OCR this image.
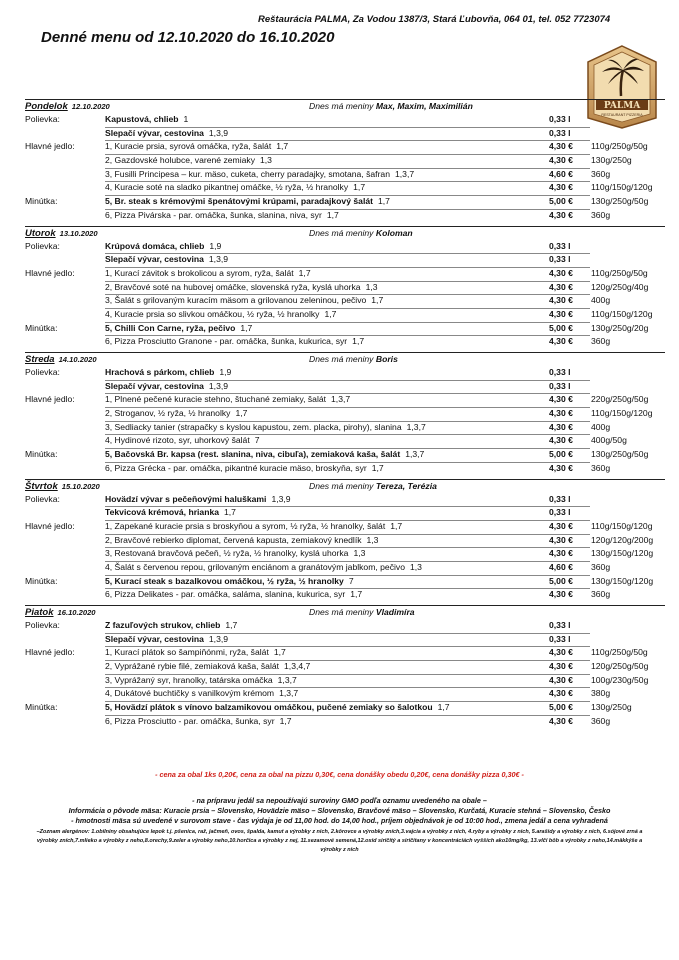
Reštaurácia PALMA, Za Vodou 1387/3, Stará Ľubovňa, 064 01, tel. 052 7723074
Denné menu od 12.10.2020 do 16.10.2020
PALMA
RESTAURANT PIZZERIA
Pondelok 12.10.2020	Dnes má meniny Max, Maxim, Maximilián
Polievka:	Kapustová, chlieb 1	0,33 l
Slepačí vývar, cestovina 1,3,9	0,33 l
Hlavné jedlo:	1, Kuracie prsia, syrová omáčka, ryža, šalát 1,7	4,30 € 110g/250g/50g
2, Gazdovské holubce, varené zemiaky 1,3	4,30 € 130g/250g
3, Fusilli Principesa – kur. mäso, cuketa, cherry paradajky, smotana, šafran 1,3,7	4,60 € 360g
4, Kuracie soté na sladko pikantnej omáčke, ½ ryža, ½ hranolky 1,7	4,30 € 110g/150g/120g
Minútka:	5, Br. steak s krémovými špenátovými krúpami, paradajkový šalát 1,7	5,00 € 130g/250g/50g
6, Pizza Pivárska - par. omáčka, šunka, slanina, niva, syr 1,7	4,30 € 360g
Utorok 13.10.2020	Dnes má meniny Koloman
Polievka:	Krúpová domáca, chlieb 1,9	0,33 l
Slepačí vývar, cestovina 1,3,9	0,33 l
Hlavné jedlo:	1, Kurací závitok s brokolicou a syrom, ryža, šalát 1,7	4,30 € 110g/250g/50g
2, Bravčové soté na hubovej omáčke, slovenská ryža, kyslá uhorka 1,3	4,30 € 120g/250g/40g
3, Šalát s grilovaným kuracím mäsom a grilovanou zeleninou, pečivo 1,7	4,30 € 400g
4, Kuracie prsia so slivkou omáčkou, ½ ryža, ½ hranolky 1,7	4,30 € 110g/150g/120g
Minútka:	5, Chilli Con Carne, ryža, pečivo 1,7	5,00 € 130g/250g/20g
6, Pizza Prosciutto Granone - par. omáčka, šunka, kukurica, syr 1,7	4,30 € 360g
Streda 14.10.2020	Dnes má meniny Boris
Polievka:	Hrachová s párkom, chlieb 1,9	0,33 l
Slepačí vývar, cestovina 1,3,9	0,33 l
Hlavné jedlo:	1, Plnené pečené kuracie stehno, štuchané zemiaky, šalát 1,3,7	4,30 € 220g/250g/50g
2, Stroganov, ½ ryža, ½ hranolky 1,7	4,30 € 110g/150g/120g
3, Sedliacky tanier (strapačky s kyslou kapustou, zem. placka, pirohy), slanina 1,3,7	4,30 € 400g
4, Hydinové rizoto, syr, uhorkový šalát 7	4,30 € 400g/50g
Minútka:	5, Bačovská Br. kapsa (rest. slanina, niva, cibuľa), zemiaková kaša, šalát 1,3,7	5,00 € 130g/250g/50g
6, Pizza Grécka - par. omáčka, pikantné kuracie mäso, broskyňa, syr 1,7	4,30 € 360g
Štvrtok 15.10.2020	Dnes má meniny Tereza, Terézia
Polievka:	Hovädzí vývar s pečeňovými haluškami 1,3,9	0,33 l
Tekvicová krémová, hrianka 1,7	0,33 l
Hlavné jedlo:	1, Zapekané kuracie prsia s broskyňou a syrom, ½ ryža, ½ hranolky, šalát 1,7	4,30 € 110g/150g/120g
2, Bravčové rebierko diplomat, červená kapusta, zemiakový knedlík 1,3	4,30 € 120g/120g/200g
3, Restovaná bravčová pečeň, ½ ryža, ½ hranolky, kyslá uhorka 1,3	4,30 € 130g/150g/120g
4, Šalát s červenou repou, grilovaným enciánom a granátovým jablkom, pečivo 1,3	4,60 € 360g
Minútka:	5, Kurací steak s bazalkovou omáčkou, ½ ryža, ½ hranolky 7	5,00 € 130g/150g/120g
6, Pizza Delikates - par. omáčka, saláma, slanina, kukurica, syr 1,7	4,30 € 360g
Piatok 16.10.2020	Dnes má meniny Vladimíra
Polievka:	Z fazuľových strukov, chlieb 1,7	0,33 l
Slepačí vývar, cestovina 1,3,9	0,33 l
Hlavné jedlo:	1, Kurací plátok so šampiňónmi, ryža, šalát 1,7	4,30 € 110g/250g/50g
2, Vyprážané rybie filé, zemiaková kaša, šalát 1,3,4,7	4,30 € 120g/250g/50g
3, Vyprážaný syr, hranolky, tatárska omáčka 1,3,7	4,30 € 100g/230g/50g
4, Dukátové buchtičky s vanilkovým krémom 1,3,7	4,30 € 380g
Minútka:	5, Hovädzí plátok s vínovo balzamikovou omáčkou, pučené zemiaky so šalotkou 1,7	5,00 € 130g/250g
6, Pizza Prosciutto - par. omáčka, šunka, syr 1,7	4,30 € 360g
- cena za obal 1ks 0,20€, cena za obal na pizzu 0,30€, cena donášky obedu 0,20€, cena donášky pizza 0,30€ -
- na prípravu jedál sa nepoužívajú suroviny GMO podľa oznamu uvedeného na obale –
Informácia o pôvode mäsa: Kuracie prsia – Slovensko, Hovädzie mäso – Slovensko, Bravčové mäso – Slovensko, Kurčatá, Kuracie stehná – Slovensko, Česko
- hmotnosti mäsa sú uvedené v surovom stave - čas výdaja je od 11,00 hod. do 14,00 hod., príjem objednávok je od 10:00 hod., zmena jedál a cena vyhradená
–Zoznam alergénov: 1.obilniny obsahujúce lepok t.j. pšenica, raž, jačmeň, ovos, špalda, kamut a výrobky z nich, 2.kôrovce a výrobky zních,3.vajcia a výrobky z nich, 4.ryby a výrobky z nich, 5.arašidy a výrobky z nich, 6.sójové zrná a výrobky zních,7.mlieko a výrobky z neho,8.orechy,9.zeler a výrobky neho,10.horčica a výrobky z nej, 11.sezamové semená,12.oxid siričitý a siričitany v koncentráciách vyšších ako10mg/kg, 13.vlčí bôb a výrobky z neho,14.mäkkýše a výrobky z nich
